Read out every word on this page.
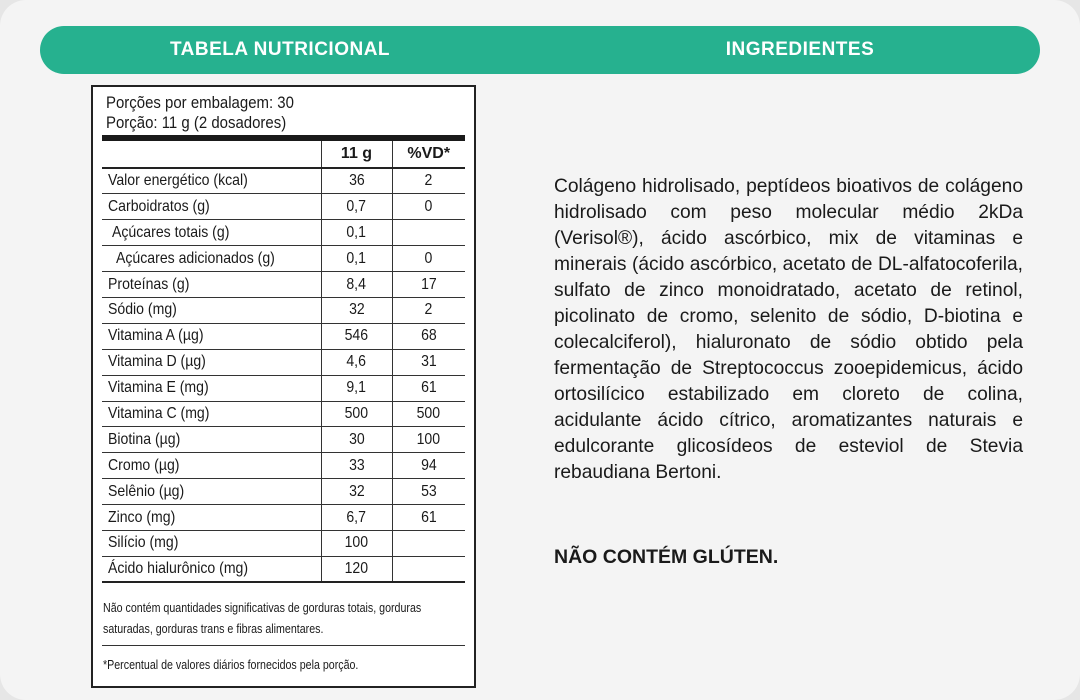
TABELA NUTRICIONAL	INGREDIENTES
Porções por embalagem: 30
Porção: 11 g (2 dosadores)
	11 g	%VD*
Valor energético (kcal)	36	2
Carboidratos (g)	0,7	0
Açúcares totais (g)	0,1	
Açúcares adicionados (g)	0,1	0
Proteínas (g)	8,4	17
Sódio (mg)	32	2
Vitamina A (µg)	546	68
Vitamina D (µg)	4,6	31
Vitamina E (mg)	9,1	61
Vitamina C (mg)	500	500
Biotina (µg)	30	100
Cromo (µg)	33	94
Selênio (µg)	32	53
Zinco (mg)	6,7	61
Silício (mg)	100	
Ácido hialurônico (mg)	120	
Não contém quantidades significativas de gorduras totais, gorduras saturadas, gorduras trans e fibras alimentares.
*Percentual de valores diários fornecidos pela porção.
Colágeno hidrolisado, peptídeos bioativos de colágeno hidrolisado com peso molecular médio 2kDa (Verisol®), ácido ascórbico, mix de vitaminas e minerais (ácido ascórbico, acetato de DL-alfatocoferila, sulfato de zinco monoidratado, acetato de retinol, picolinato de cromo, selenito de sódio, D-biotina e colecalciferol), hialuronato de sódio obtido pela fermentação de Streptococcus zooepidemicus, ácido ortosilícico estabilizado em cloreto de colina, acidulante ácido cítrico, aromatizantes naturais e edulcorante glicosídeos de esteviol de Stevia rebaudiana Bertoni.
NÃO CONTÉM GLÚTEN.
